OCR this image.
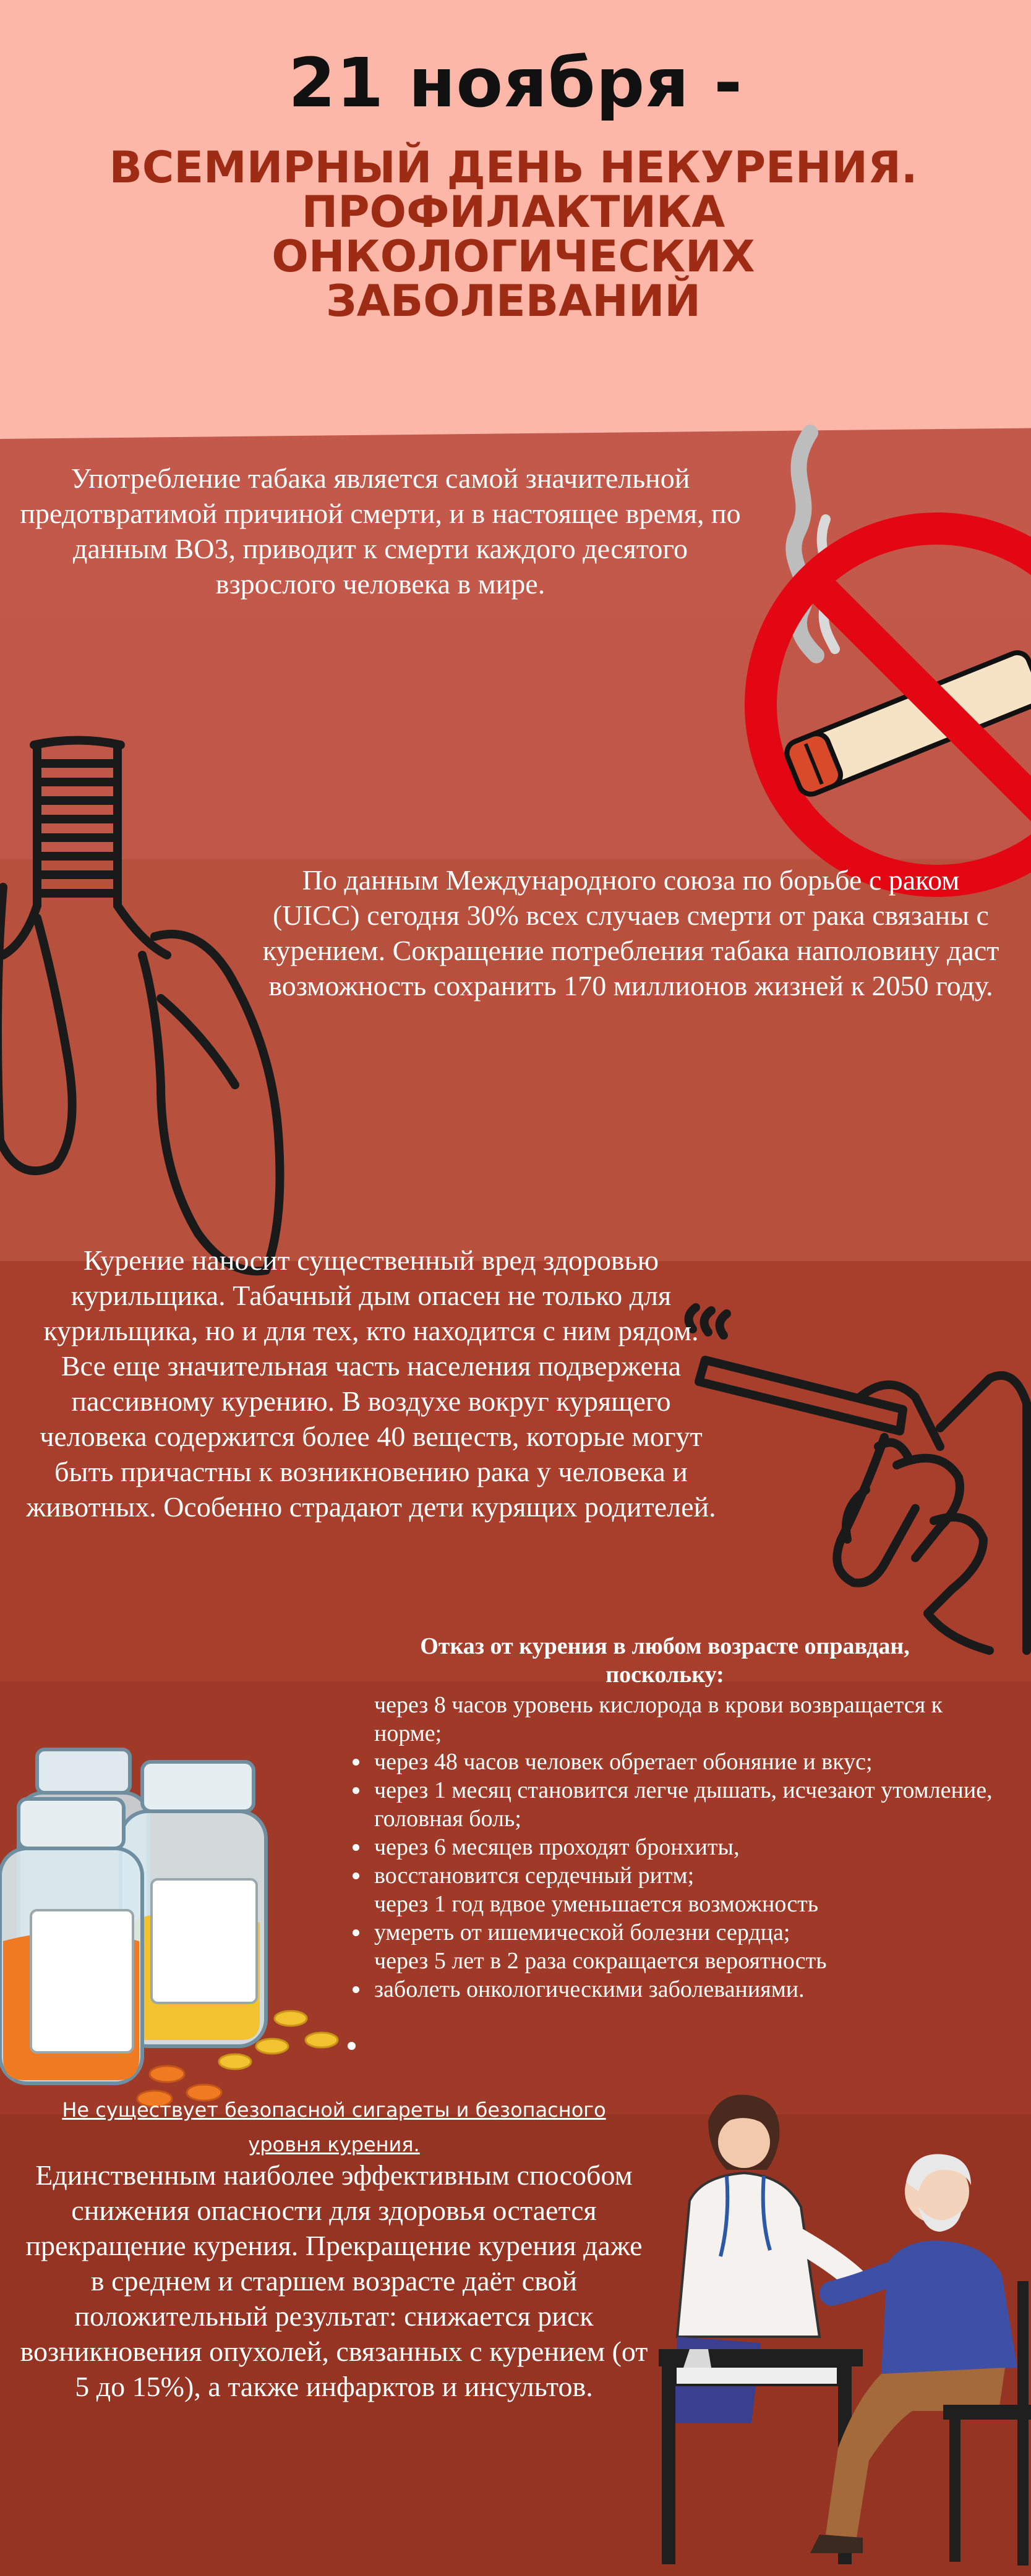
21 ноября -
ВСЕМИРНЫЙ ДЕНЬ НЕКУРЕНИЯ. ПРОФИЛАКТИКА ОНКОЛОГИЧЕСКИХ ЗАБОЛЕВАНИЙ
Употребление табака является самой значительной предотвратимой причиной смерти, и в настоящее время, по данным ВОЗ, приводит к смерти каждого десятого взрослого человека в мире.
По данным Международного союза по борьбе с раком (UICC) сегодня 30% всех случаев смерти от рака связаны с курением. Сокращение потребления табака наполовину даст возможность сохранить 170 миллионов жизней к 2050 году.
Курение наносит существенный вред здоровью курильщика. Табачный дым опасен не только для курильщика, но и для тех, кто находится с ним рядом. Все еще значительная часть населения подвержена пассивному курению. В воздухе вокруг курящего человека содержится более 40 веществ, которые могут быть причастны к возникновению рака у человека и животных. Особенно страдают дети курящих родителей.
Отказ от курения в любом возрасте оправдан, поскольку:
через 8 часов уровень кислорода в крови возвращается к норме;
через 48 часов человек обретает обоняние и вкус;
через 1 месяц становится легче дышать, исчезают утомление, головная боль;
через 6 месяцев проходят бронхиты,
восстановится сердечный ритм;
через 1 год вдвое уменьшается возможность
умереть от ишемической болезни сердца;
через 5 лет в 2 раза сокращается вероятность
заболеть онкологическими заболеваниями.
Не существует безопасной сигареты и безопасного уровня курения.
Единственным наиболее эффективным способом снижения опасности для здоровья остается прекращение курения. Прекращение курения даже в среднем и старшем возрасте даёт свой положительный результат: снижается риск возникновения опухолей, связанных с курением (от 5 до 15%), а также инфарктов и инсультов.
